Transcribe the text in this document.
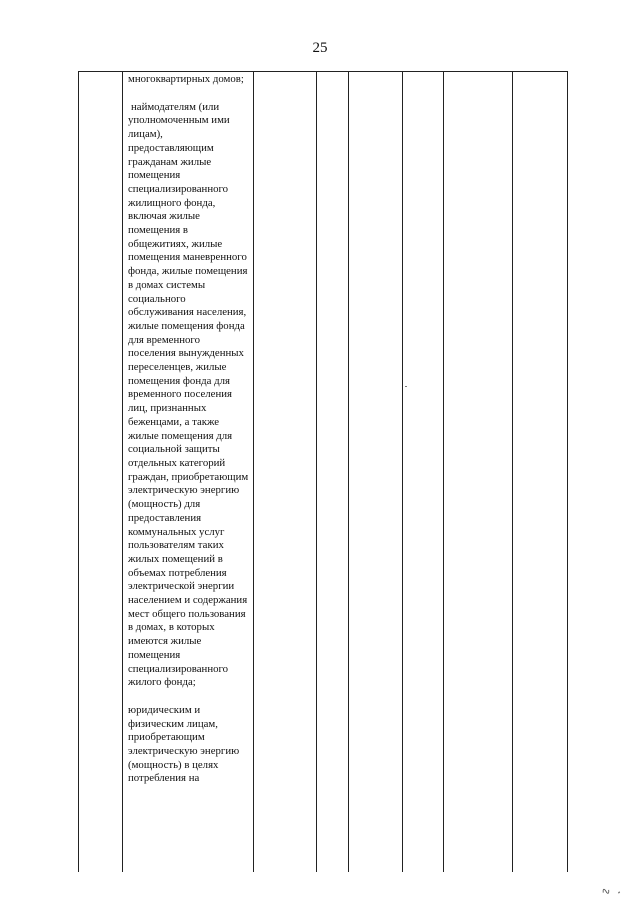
25

многоквартирных домов;

наймодателям (или уполномоченным ими лицам), предоставляющим гражданам жилые помещения специализированного жилищного фонда, включая жилые помещения в общежитиях, жилые помещения маневренного фонда, жилые помещения в домах системы социального обслуживания населения, жилые помещения фонда для временного поселения вынужденных переселенцев, жилые помещения фонда для временного поселения лиц, признанных беженцами, а также жилые помещения для социальной защиты отдельных категорий граждан, приобретающим электрическую энергию (мощность) для предоставления коммунальных услуг пользователям таких жилых помещений в объемах потребления электрической энергии населением и содержания мест общего пользования в домах, в которых имеются жилые помещения специализированного жилого фонда;

юридическим и физическим лицам, приобретающим электрическую энергию (мощность) в целях потребления на

∿ ⸼
